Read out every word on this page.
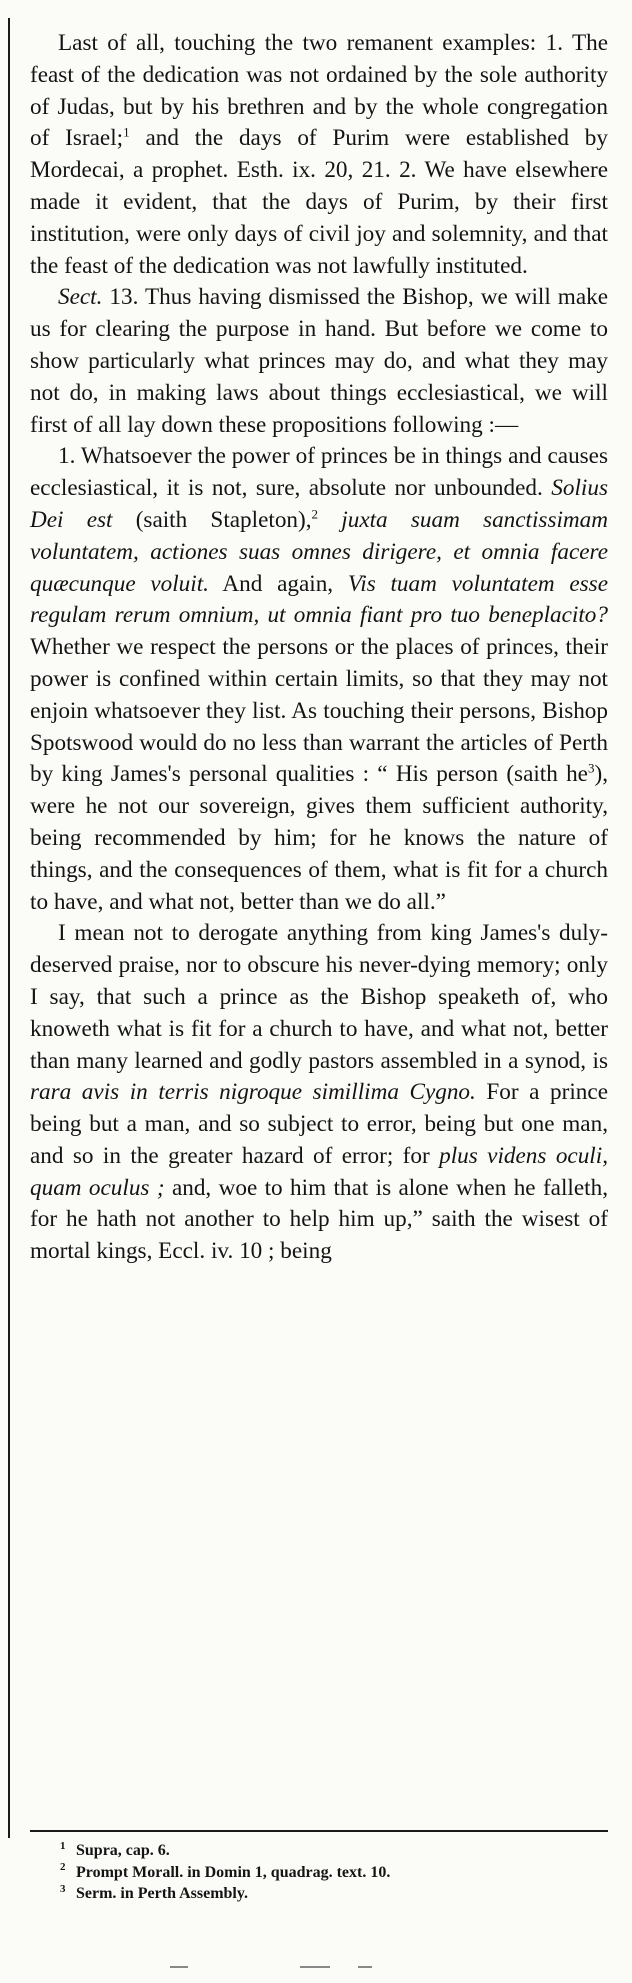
Last of all, touching the two remanent examples: 1. The feast of the dedication was not ordained by the sole authority of Judas, but by his brethren and by the whole congregation of Israel;$^1$ and the days of Purim were established by Mordecai, a prophet. Esth. ix. 20, 21. 2. We have elsewhere made it evident, that the days of Purim, by their first institution, were only days of civil joy and solemnity, and that the feast of the dedication was not lawfully instituted.

Sect. 13. Thus having dismissed the Bishop, we will make us for clearing the purpose in hand. But before we come to show particularly what princes may do, and what they may not do, in making laws about things ecclesiastical, we will first of all lay down these propositions following :—

1. Whatsoever the power of princes be in things and causes ecclesiastical, it is not, sure, absolute nor unbounded. Solius Dei est (saith Stapleton),$^2$ juxta suam sanctissimam voluntatem, actiones suas omnes dirigere, et omnia facere quæcunque voluit. And again, Vis tuam voluntatem esse regulam rerum omnium, ut omnia fiant pro tuo beneplacito? Whether we respect the persons or the places of princes, their power is confined within certain limits, so that they may not enjoin whatsoever they list. As touching their persons, Bishop Spotswood would do no less than warrant the articles of Perth by king James's personal qualities : “ His person (saith $he^3$), were he not our sovereign, gives them sufficient authority, being recommended by him; for he knows the nature of things, and the consequences of them, what is fit for a church to have, and what not, better than we do all.”

I mean not to derogate anything from king James's duly-deserved praise, nor to obscure his never-dying memory; only I say, that such a prince as the Bishop speaketh of, who knoweth what is fit for a church to have, and what not, better than many learned and godly pastors assembled in a synod, is rara avis in terris nigroque simillima Cygno. For a prince being but a man, and so subject to error, being but one man, and so in the greater hazard of error; for plus videns oculi, quam oculus ; and, woe to him that is alone when he falleth, for he hath not another to help him up,” saith the wisest of mortal kings, Eccl. iv. 10 ; being

1 Supra, cap. 6.
2 Prompt Morall. in Domin 1, quadrag. text. 10.
3 Serm. in Perth Assembly.
